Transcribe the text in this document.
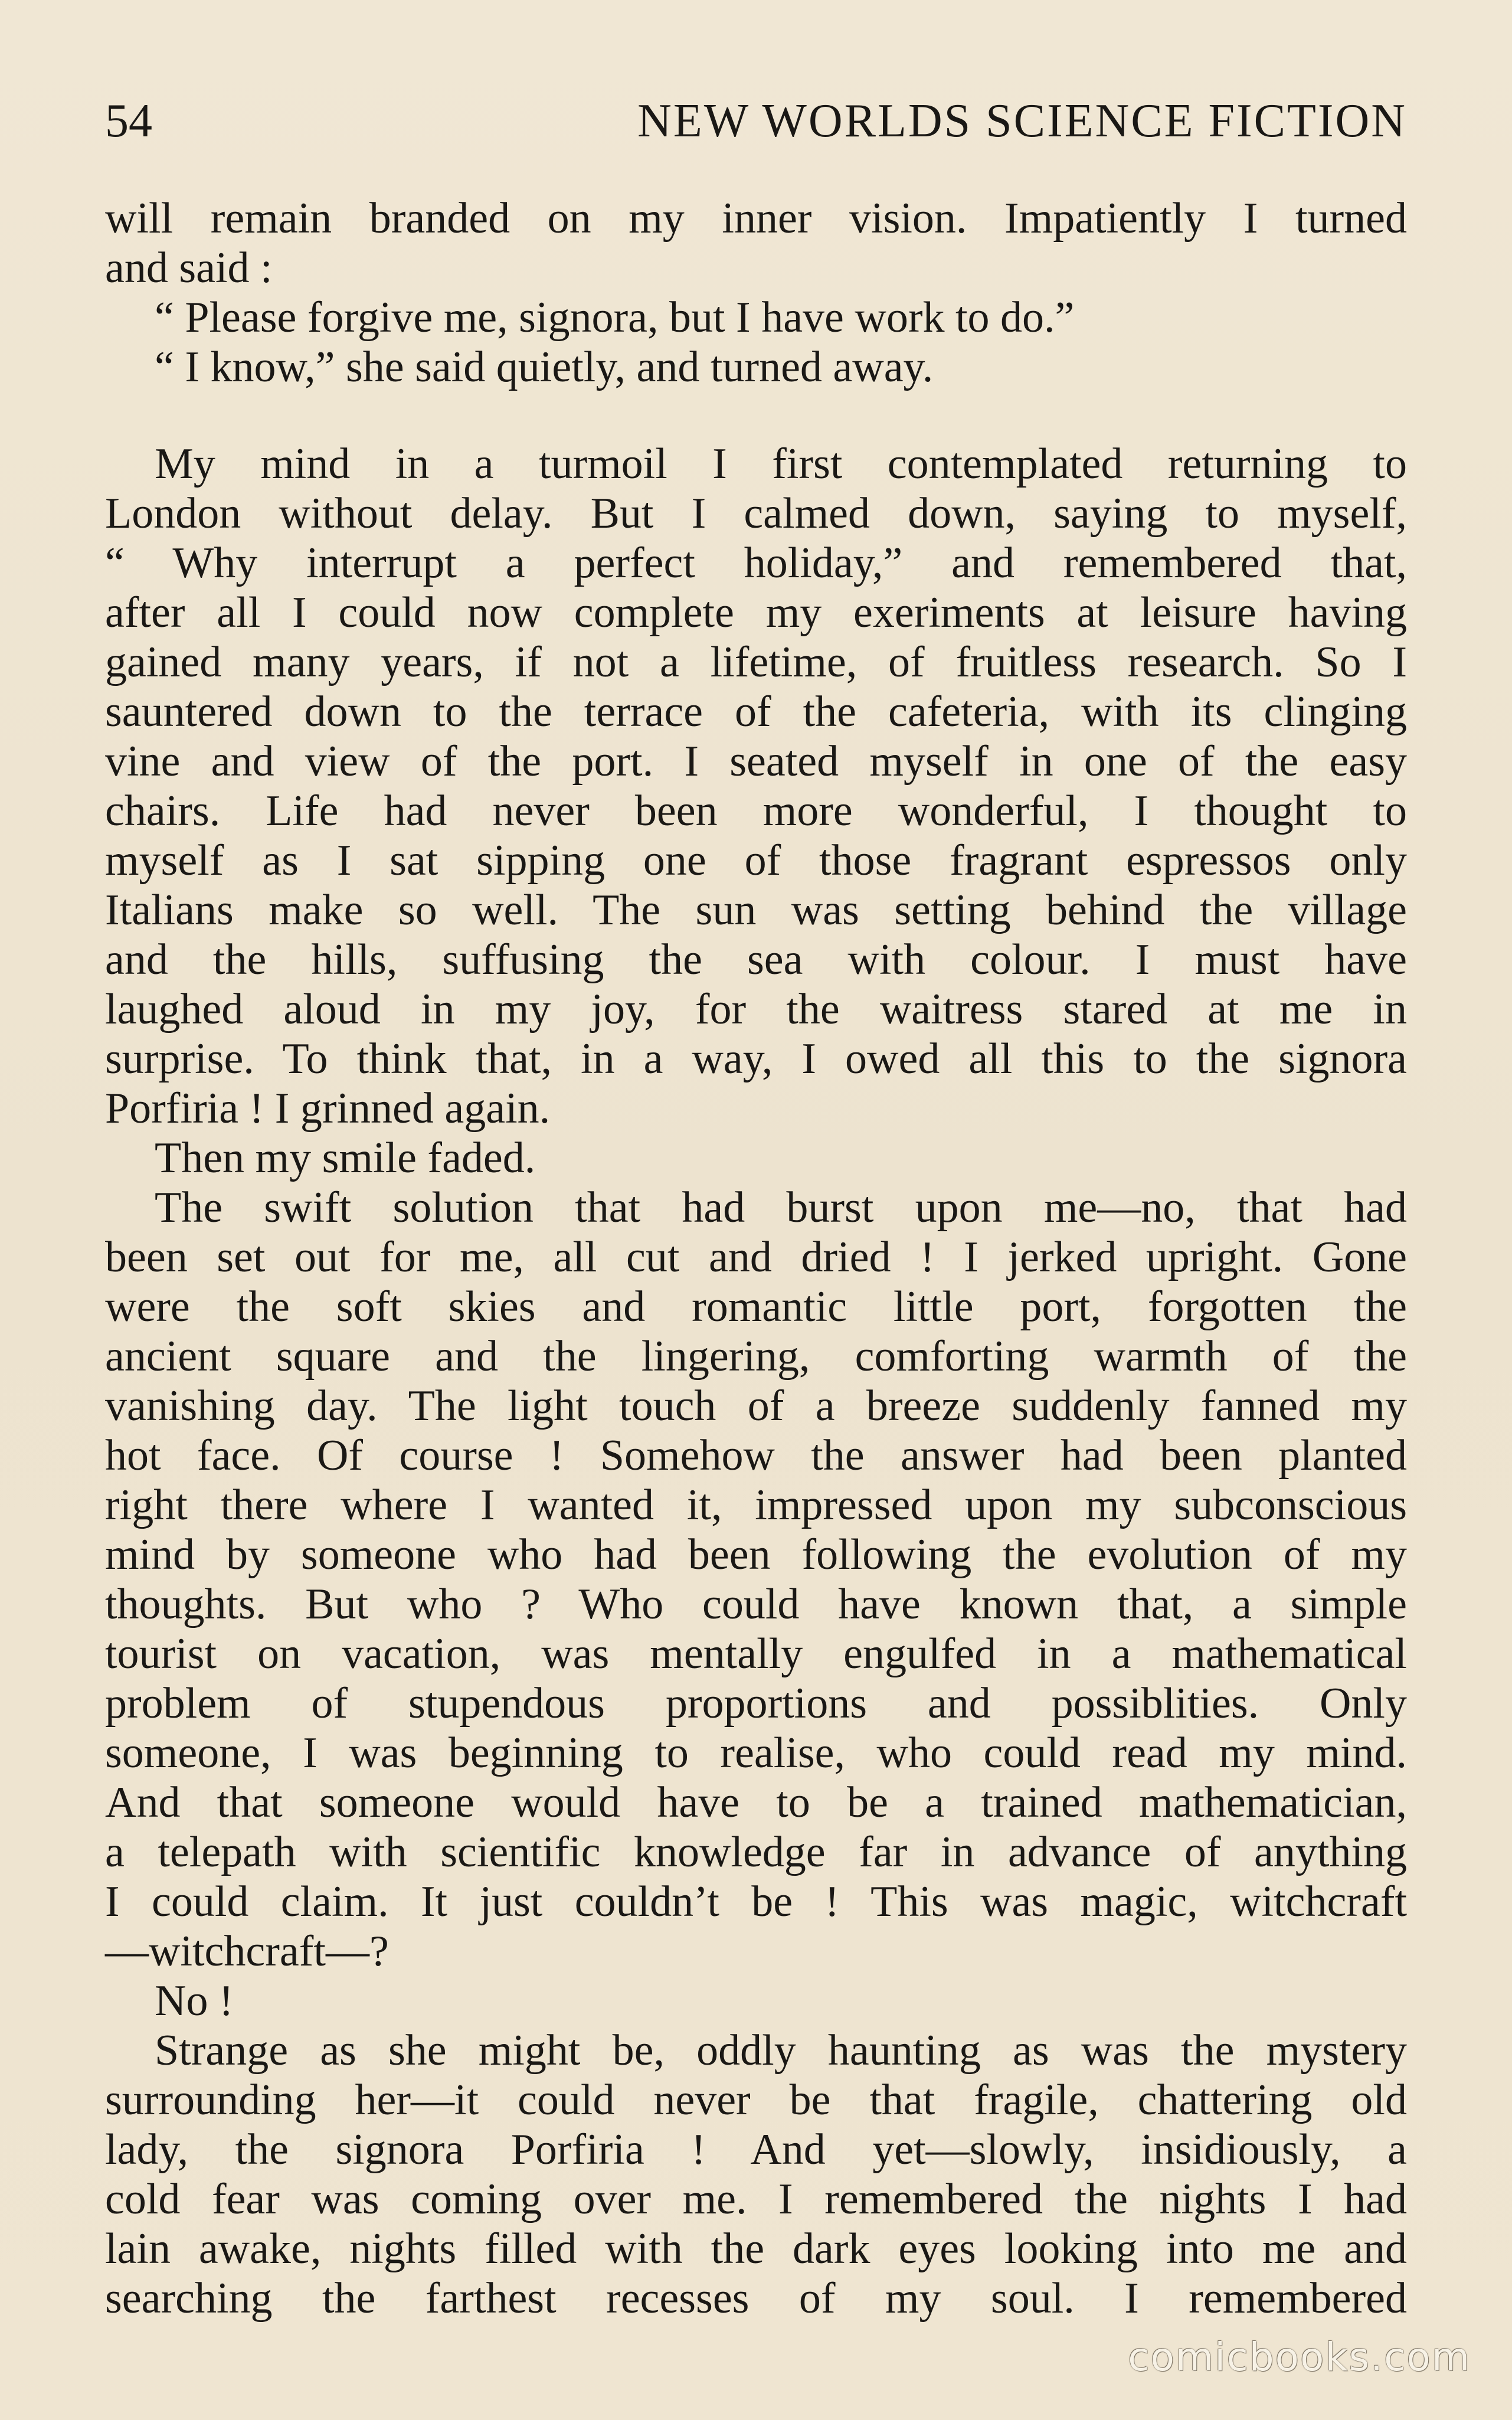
54	NEW WORLDS SCIENCE FICTION
will remain branded on my inner vision. Impatiently I turned
and said :
“ Please forgive me, signora, but I have work to do.”
“ I know,” she said quietly, and turned away.
My mind in a turmoil I first contemplated returning to
London without delay. But I calmed down, saying to myself,
“ Why interrupt a perfect holiday,” and remembered that,
after all I could now complete my exeriments at leisure having
gained many years, if not a lifetime, of fruitless research. So I
sauntered down to the terrace of the cafeteria, with its clinging
vine and view of the port. I seated myself in one of the easy
chairs. Life had never been more wonderful, I thought to
myself as I sat sipping one of those fragrant espressos only
Italians make so well. The sun was setting behind the village
and the hills, suffusing the sea with colour. I must have
laughed aloud in my joy, for the waitress stared at me in
surprise. To think that, in a way, I owed all this to the signora
Porfiria ! I grinned again.
Then my smile faded.
The swift solution that had burst upon me—no, that had
been set out for me, all cut and dried ! I jerked upright. Gone
were the soft skies and romantic little port, forgotten the
ancient square and the lingering, comforting warmth of the
vanishing day. The light touch of a breeze suddenly fanned my
hot face. Of course ! Somehow the answer had been planted
right there where I wanted it, impressed upon my subconscious
mind by someone who had been following the evolution of my
thoughts. But who ? Who could have known that, a simple
tourist on vacation, was mentally engulfed in a mathematical
problem of stupendous proportions and possiblities. Only
someone, I was beginning to realise, who could read my mind.
And that someone would have to be a trained mathematician,
a telepath with scientific knowledge far in advance of anything
I could claim. It just couldn’t be ! This was magic, witchcraft
—witchcraft—?
No !
Strange as she might be, oddly haunting as was the mystery
surrounding her—it could never be that fragile, chattering old
lady, the signora Porfiria ! And yet—slowly, insidiously, a
cold fear was coming over me. I remembered the nights I had
lain awake, nights filled with the dark eyes looking into me and
searching the farthest recesses of my soul. I remembered
comicbooks.com
